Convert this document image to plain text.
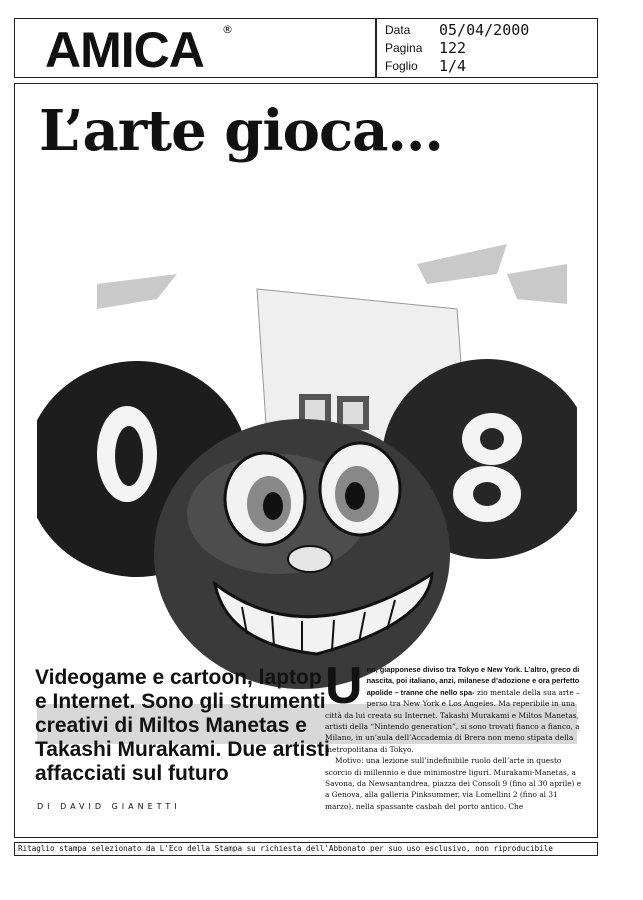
AMICA ®	Data 05/04/2000
Pagina 122
Foglio 1/4
L’arte gioca...
Videogame e cartoon, laptop e Internet. Sono gli strumenti creativi di Miltos Manetas e Takashi Murakami. Due artisti affacciati sul futuro
DI DAVID GIANETTI
U no, giapponese diviso tra Tokyo e New York. L’altro, greco di nascita, poi italiano, anzi, milanese d’adozione e ora perfetto apolide – tranne che nello spa- zio mentale della sua arte – perso tra New York e Los Angeles. Ma reperibile in una città da lui creata su Internet. Takashi Murakami e Miltos Manetas, artisti della “Nintendo generation”, si sono trovati fianco a fianco, a Milano, in un’aula dell’Accademia di Brera non meno stipata della metropolitana di Tokyo.
Motivo: una lezione sull’indefinibile ruolo dell’arte in questo scorcio di millennio e due minimostre liguri. Murakami-Manetas, a Savona, da Newsantandrea, piazza dei Consoli 9 (fino al 30 aprile) e a Genova, alla galleria Pinksummer, via Lomellini 2 (fino al 31 marzo), nella spassante casbah del porto antico. Che
Ritaglio stampa selezionato da L'Eco della Stampa su richiesta dell'Abbonato per suo uso esclusivo, non riproducibile
